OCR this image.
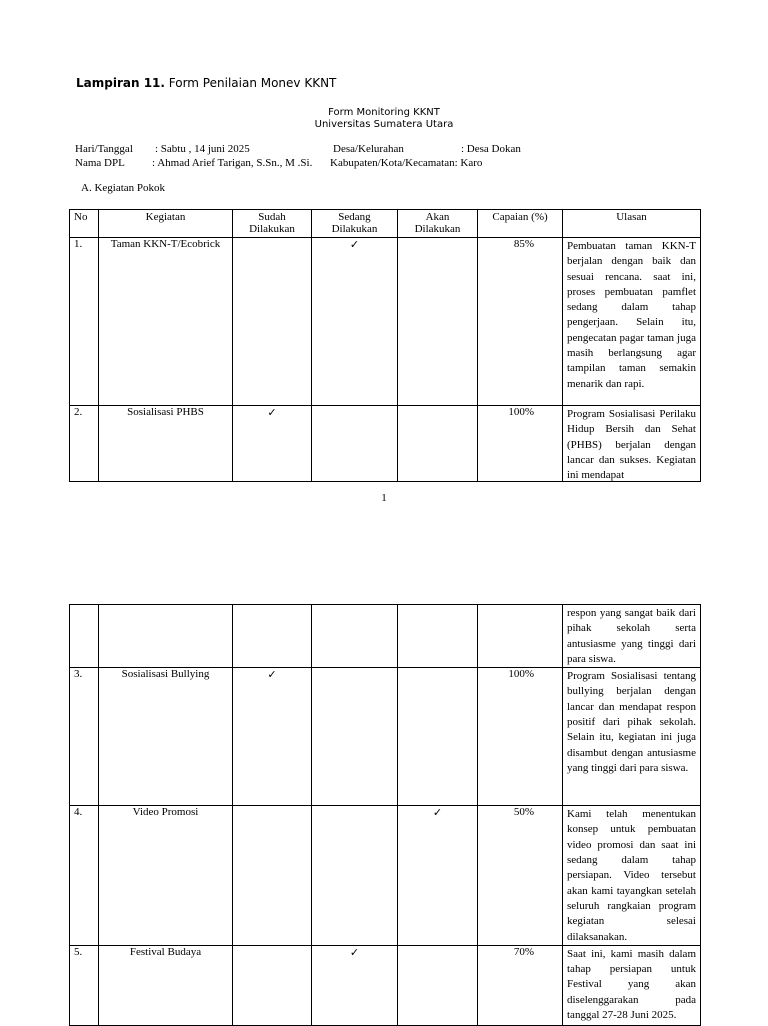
Lampiran 11. Form Penilaian Monev KKNT
Form Monitoring KKNT
Universitas Sumatera Utara
Hari/Tanggal : Sabtu , 14 juni 2025
Nama DPL : Ahmad Arief Tarigan, S.Sn., M .Si.
Desa/Kelurahan	: Desa Dokan
Kabupaten/Kota/Kecamatan: Karo
A. Kegiatan Pokok
No	Kegiatan	Sudah Dilakukan	Sedang Dilakukan	Akan Dilakukan	Capaian (%)	Ulasan
1.	Taman KKN-T/Ecobrick		✓		85%	Pembuatan taman KKN-T berjalan dengan baik dan sesuai rencana. saat ini, proses pembuatan pamflet sedang dalam tahap pengerjaan. Selain itu, pengecatan pagar taman juga masih berlangsung agar tampilan taman semakin menarik dan rapi.
2.	Sosialisasi PHBS	✓			100%	Program Sosialisasi Perilaku Hidup Bersih dan Sehat (PHBS) berjalan dengan lancar dan sukses. Kegiatan ini mendapat
1
						respon yang sangat baik dari pihak sekolah serta antusiasme yang tinggi dari para siswa.
3.	Sosialisasi Bullying	✓			100%	Program Sosialisasi tentang bullying berjalan dengan lancar dan mendapat respon positif dari pihak sekolah. Selain itu, kegiatan ini juga disambut dengan antusiasme yang tinggi dari para siswa.
4.	Video Promosi			✓	50%	Kami telah menentukan konsep untuk pembuatan video promosi dan saat ini sedang dalam tahap persiapan. Video tersebut akan kami tayangkan setelah seluruh rangkaian program kegiatan selesai dilaksanakan.
5.	Festival Budaya		✓		70%	Saat ini, kami masih dalam tahap persiapan untuk Festival yang akan diselenggarakan pada tanggal 27-28 Juni 2025.
